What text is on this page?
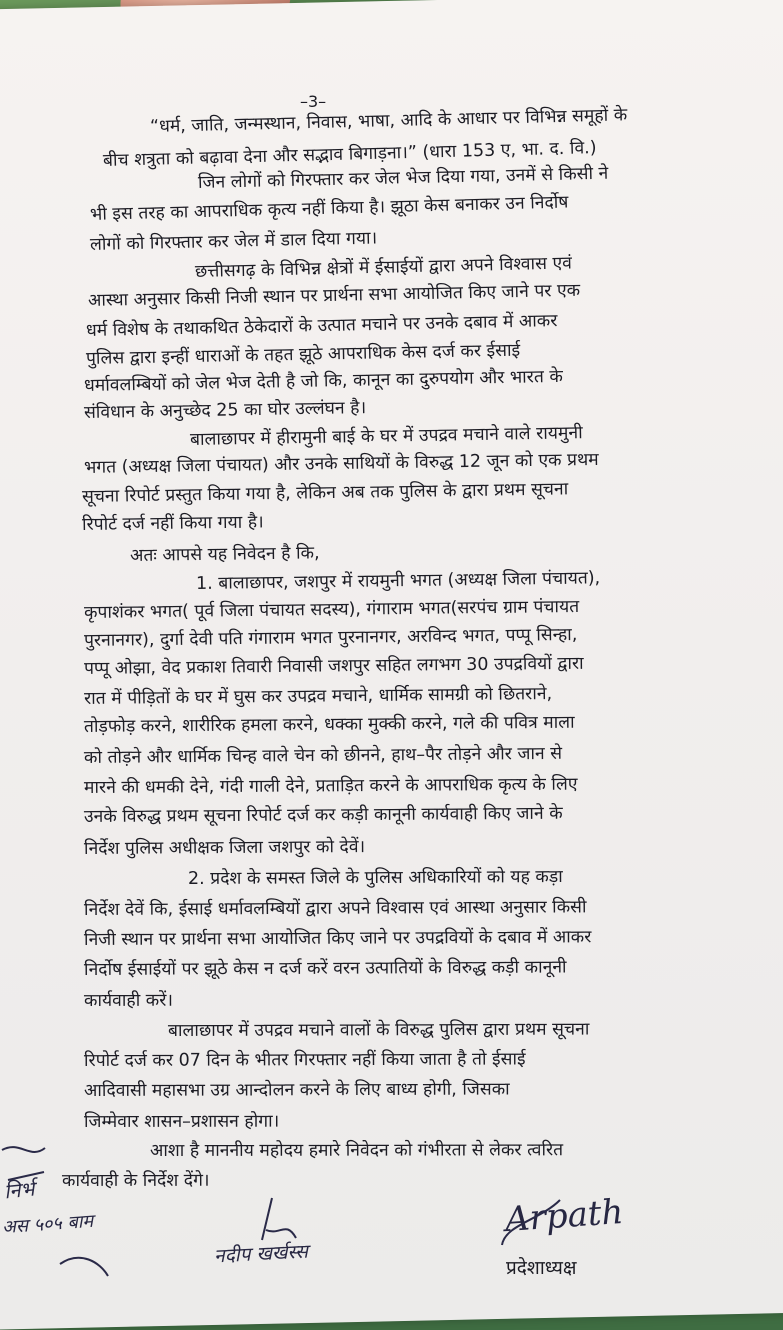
–3–
“धर्म, जाति, जन्मस्थान, निवास, भाषा, आदि के आधार पर विभिन्न समूहों के
बीच शत्रुता को बढ़ावा देना और सद्भाव बिगाड़ना।” (धारा 153 ए, भा. द. वि.)
जिन लोगों को गिरफ्तार कर जेल भेज दिया गया, उनमें से किसी ने
भी इस तरह का आपराधिक कृत्य नहीं किया है। झूठा केस बनाकर उन निर्दोष
लोगों को गिरफ्तार कर जेल में डाल दिया गया।
छत्तीसगढ़ के विभिन्न क्षेत्रों में ईसाईयों द्वारा अपने विश्वास एवं
आस्था अनुसार किसी निजी स्थान पर प्रार्थना सभा आयोजित किए जाने पर एक
धर्म विशेष के तथाकथित ठेकेदारों के उत्पात मचाने पर उनके दबाव में आकर
पुलिस द्वारा इन्हीं धाराओं के तहत झूठे आपराधिक केस दर्ज कर ईसाई
धर्मावलम्बियों को जेल भेज देती है जो कि, कानून का दुरुपयोग और भारत के
संविधान के अनुच्छेद 25 का घोर उल्लंघन है।
बालाछापर में हीरामुनी बाई के घर में उपद्रव मचाने वाले रायमुनी
भगत (अध्यक्ष जिला पंचायत) और उनके साथियों के विरुद्ध 12 जून को एक प्रथम
सूचना रिपोर्ट प्रस्तुत किया गया है, लेकिन अब तक पुलिस के द्वारा प्रथम सूचना
रिपोर्ट दर्ज नहीं किया गया है।
अतः आपसे यह निवेदन है कि,
1. बालाछापर, जशपुर में रायमुनी भगत (अध्यक्ष जिला पंचायत),
कृपाशंकर भगत( पूर्व जिला पंचायत सदस्य), गंगाराम भगत(सरपंच ग्राम पंचायत
पुरनानगर), दुर्गा देवी पति गंगाराम भगत पुरनानगर, अरविन्द भगत, पप्पू सिन्हा,
पप्पू ओझा, वेद प्रकाश तिवारी निवासी जशपुर सहित लगभग 30 उपद्रवियों द्वारा
रात में पीड़ितों के घर में घुस कर उपद्रव मचाने, धार्मिक सामग्री को छितराने,
तोड़फोड़ करने, शारीरिक हमला करने, धक्का मुक्की करने, गले की पवित्र माला
को तोड़ने और धार्मिक चिन्ह वाले चेन को छीनने, हाथ–पैर तोड़ने और जान से
मारने की धमकी देने, गंदी गाली देने, प्रताड़ित करने के आपराधिक कृत्य के लिए
उनके विरुद्ध प्रथम सूचना रिपोर्ट दर्ज कर कड़ी कानूनी कार्यवाही किए जाने के
निर्देश पुलिस अधीक्षक जिला जशपुर को देवें।
2. प्रदेश के समस्त जिले के पुलिस अधिकारियों को यह कड़ा
निर्देश देवें कि, ईसाई धर्मावलम्बियों द्वारा अपने विश्वास एवं आस्था अनुसार किसी
निजी स्थान पर प्रार्थना सभा आयोजित किए जाने पर उपद्रवियों के दबाव में आकर
निर्दोष ईसाईयों पर झूठे केस न दर्ज करें वरन उत्पातियों के विरुद्ध कड़ी कानूनी
कार्यवाही करें।
बालाछापर में उपद्रव मचाने वालों के विरुद्ध पुलिस द्वारा प्रथम सूचना
रिपोर्ट दर्ज कर 07 दिन के भीतर गिरफ्तार नहीं किया जाता है तो ईसाई
आदिवासी महासभा उग्र आन्दोलन करने के लिए बाध्य होगी, जिसका
जिम्मेवार शासन–प्रशासन होगा।
आशा है माननीय महोदय हमारे निवेदन को गंभीरता से लेकर त्वरित
कार्यवाही के निर्देश देंगे।
प्रदेशाध्यक्ष
निर्भ
अस ५०५ बाम
नदीप खर्खस्स
Arpath
